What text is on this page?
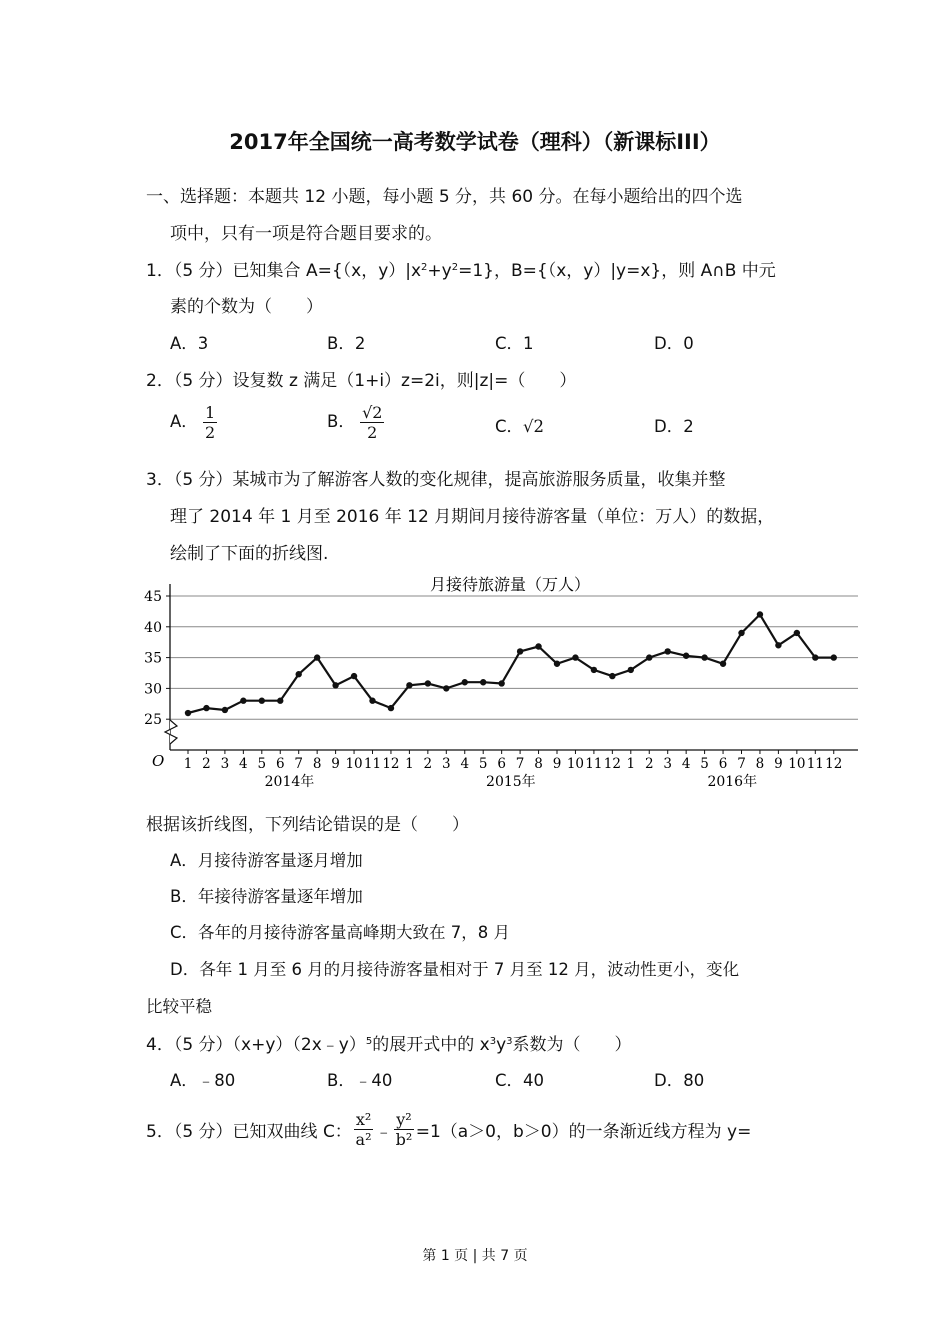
2017年全国统一高考数学试卷（理科）（新课标III）
一、选择题：本题共 12 小题，每小题 5 分，共 60 分。在每小题给出的四个选
项中，只有一项是符合题目要求的。
1．（5 分）已知集合 A={（x，$y)|x^2+y^2=1$}，B={（x，y）|y=x}，则 A∩B 中元
素的个数为（　　）
A．3	B．2	C．1	D．0
2．（5 分）设复数 z 满足（1+i）z=2i，则|z|=（　　）
A． $\frac{1}{2}$	B． $\frac{√2}{2}$	C．√2	D．2
3．（5 分）某城市为了解游客人数的变化规律，提高旅游服务质量，收集并整
理了 2014 年 1 月至 2016 年 12 月期间月接待游客量（单位：万人）的数据，
绘制了下面的折线图.
月接待旅游量（万人）
O
25
30
35
40
45
1 2 3 4 5 6 7 8 9 10 11 12 1 2 3 4 5 6 7 8 9 10 11 12 1 2 3 4 5 6 7 8 9 10 11 12
2014年	2015年	2016年
根据该折线图，下列结论错误的是（　　）
A．月接待游客量逐月增加
B．年接待游客量逐年增加
C．各年的月接待游客量高峰期大致在 7，8 月
D．各年 1 月至 6 月的月接待游客量相对于 7 月至 12 月，波动性更小，变化
比较平稳
4．（5 分）（x+y）（2x﹣y）$^5$的展开式中的 $x^3y^3$系数为（　　）
A．﹣80	B．﹣40	C．40	D．80
5．（5 分）已知双曲线 C： $\frac{\text{x²}}{\text{a²}}$ ﹣ $\frac{\text{y²}}{\text{b²}} =1(a>0$，b＞0）的一条渐近线方程为 y=
第 1 页 | 共 7 页
